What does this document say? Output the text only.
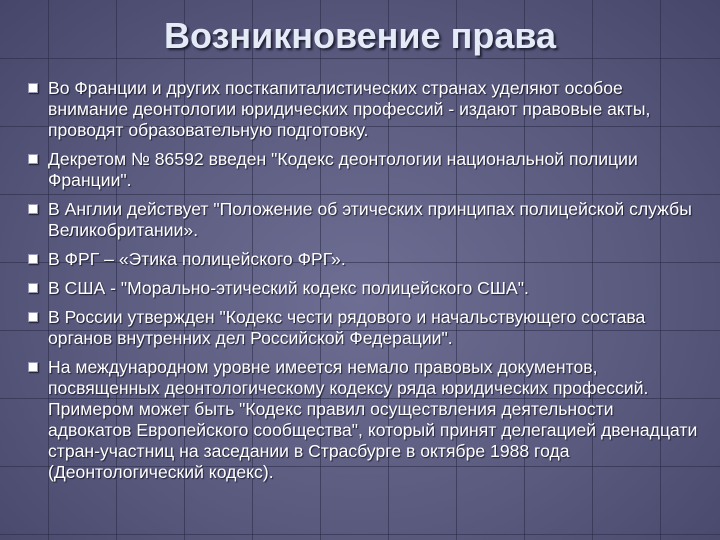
Возникновение права
Во Франции и других посткапиталистических странах уделяют особое внимание деонтологии юридических профессий - издают правовые акты, проводят образовательную подготовку.
Декретом № 86592 введен "Кодекс деонтологии национальной полиции Франции".
В Англии действует "Положение об этических принципах полицейской службы Великобритании».
В ФРГ – «Этика полицейского ФРГ».
В США - "Морально-этический кодекс полицейского США".
В России утвержден "Кодекс чести рядового и начальствующего состава органов внутренних дел Российской Федерации".
На международном уровне имеется немало правовых документов, посвященных деонтологическому кодексу ряда юридических профессий. Примером может быть "Кодекс правил осуществления деятельности адвокатов Европейского сообщества", который принят делегацией двенадцати стран-участниц на заседании в Страсбурге в октябре 1988 года (Деонтологический кодекс).
